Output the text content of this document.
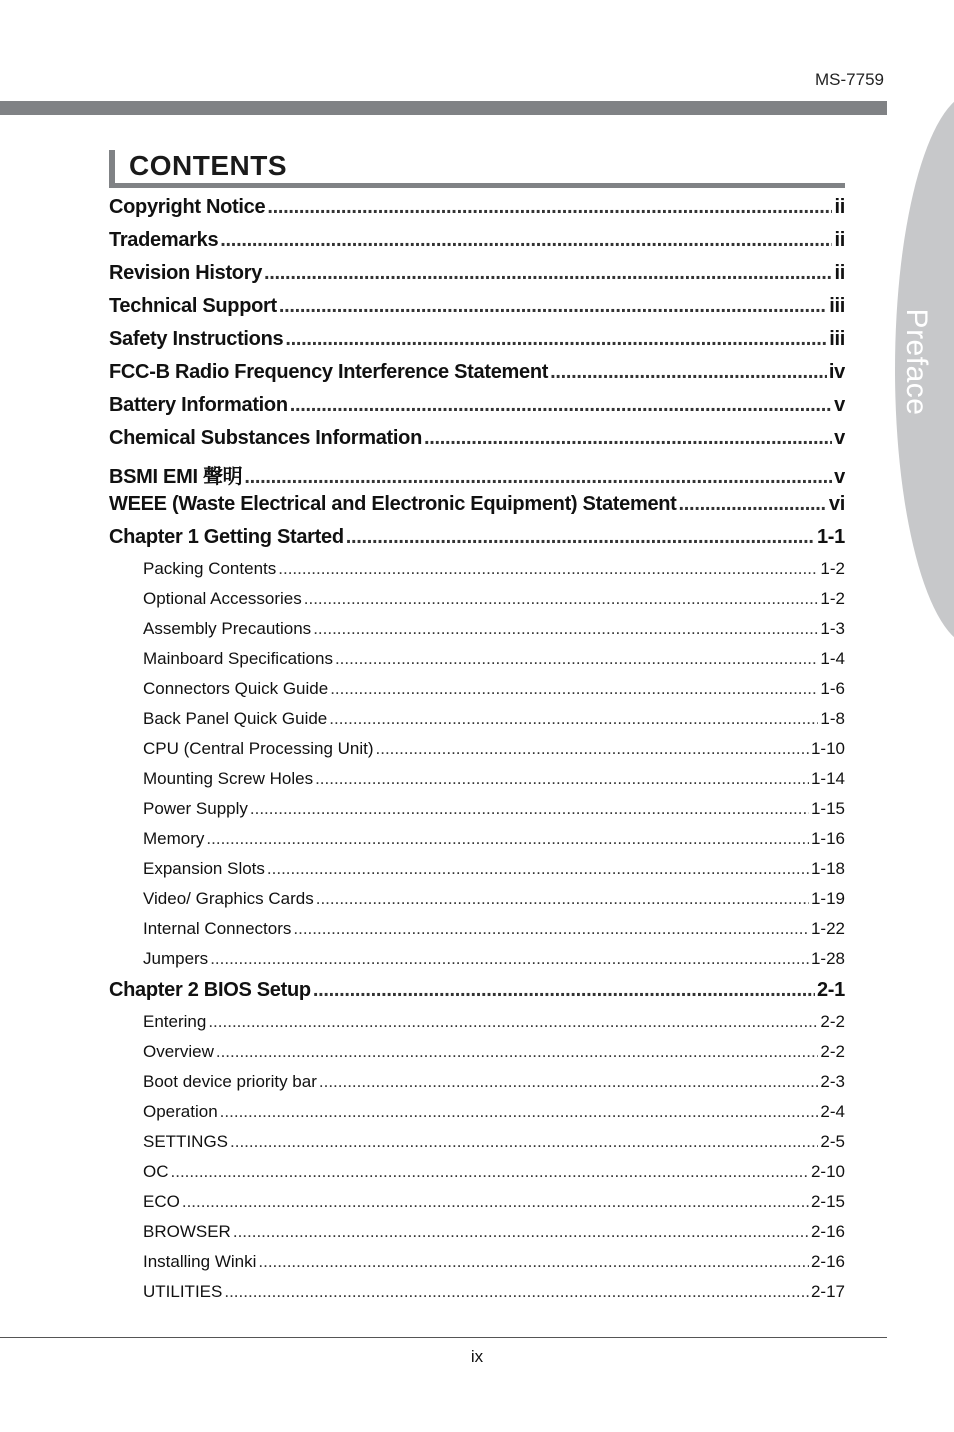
MS-7759
Preface
CONTENTS
Copyright Notice .....	ii
Trademarks .....	ii
Revision History .....	ii
Technical Support .....	iii
Safety Instructions .....	iii
FCC-B Radio Frequency Interference Statement .....	iv
Battery Information .....	v
Chemical Substances Information .....	v
BSMI EMI 聲明 .....	v
WEEE (Waste Electrical and Electronic Equipment) Statement .....	vi
Chapter 1 Getting Started .....	1-1
Packing Contents .....	1-2
Optional Accessories .....	1-2
Assembly Precautions .....	1-3
Mainboard Specifications .....	1-4
Connectors Quick Guide .....	1-6
Back Panel Quick Guide .....	1-8
CPU (Central Processing Unit) .....	1-10
Mounting Screw Holes .....	1-14
Power Supply .....	1-15
Memory .....	1-16
Expansion Slots .....	1-18
Video/ Graphics Cards .....	1-19
Internal Connectors .....	1-22
Jumpers .....	1-28
Chapter 2 BIOS Setup .....	2-1
Entering .....	2-2
Overview .....	2-2
Boot device priority bar .....	2-3
Operation .....	2-4
SETTINGS .....	2-5
OC .....	2-10
ECO .....	2-15
BROWSER .....	2-16
Installing Winki .....	2-16
UTILITIES .....	2-17
ix
